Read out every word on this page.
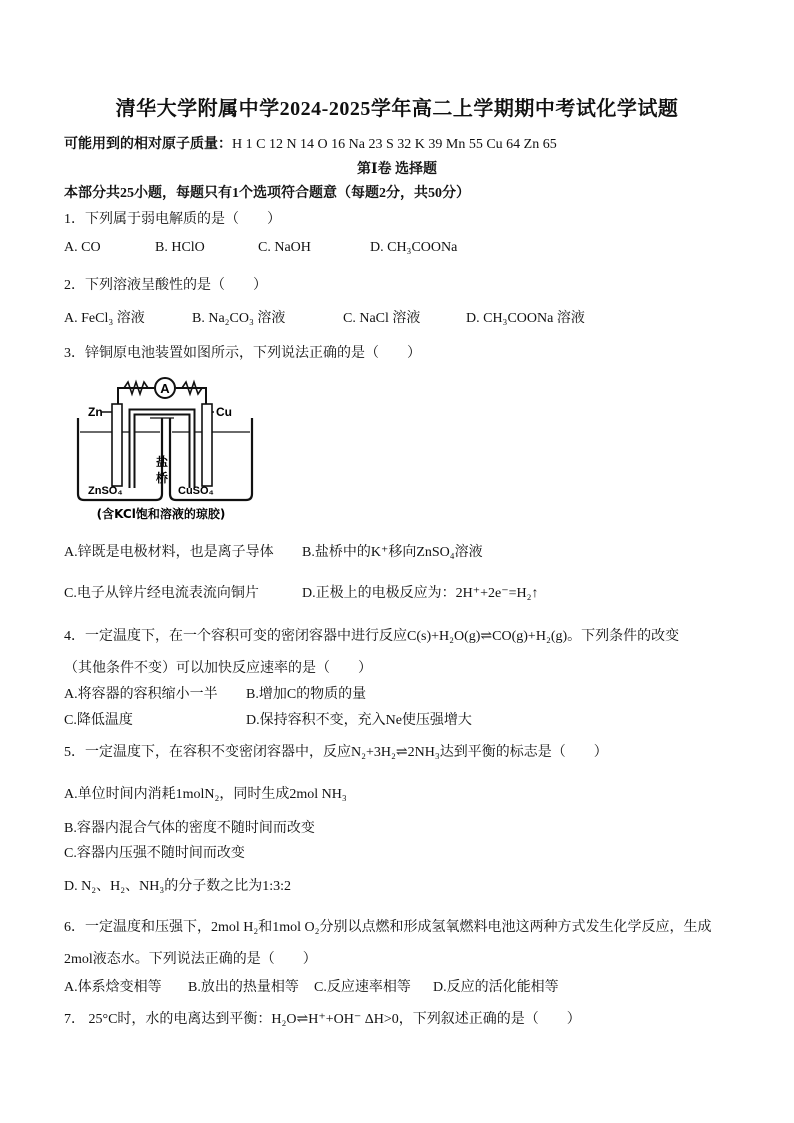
清华大学附属中学2024-2025学年高二上学期期中考试化学试题
可能用到的相对原子质量：H 1 C 12 N 14 O 16 Na 23 S 32 K 39 Mn 55 Cu 64 Zn 65
第Ⅰ卷 选择题
本部分共25小题，每题只有1个选项符合题意（每题2分，共50分）
1．下列属于弱电解质的是（　　）
A. CO	B. HClO	C. NaOH	D. CH₃COONa
2．下列溶液呈酸性的是（　　）
A. FeCl₃ 溶液	B. Na₂CO₃ 溶液	C. NaCl 溶液	D. CH₃COONa 溶液
3．锌铜原电池装置如图所示，下列说法正确的是（　　）
A
Zn	Cu
ZnSO₄	CuSO₄
盐
桥
(含KCl饱和溶液的琼胶)
A.锌既是电极材料，也是离子导体 B.盐桥中的K⁺移向ZnSO₄溶液
C.电子从锌片经电流表流向铜片	D.正极上的电极反应为：2H⁺+2e⁻=H₂↑
4．一定温度下，在一个容积可变的密闭容器中进行反应C(s)+H₂O(g)⇌CO(g)+H₂(g)。下列条件的改变
（其他条件不变）可以加快反应速率的是（　　）
A.将容器的容积缩小一半 B.增加C的物质的量
C.降低温度	D.保持容积不变，充入Ne使压强增大
5．一定温度下，在容积不变密闭容器中，反应N₂+3H₂⇌2NH₃达到平衡的标志是（　　）
A.单位时间内消耗1molN₂，同时生成2mol NH₃
B.容器内混合气体的密度不随时间而改变
C.容器内压强不随时间而改变
D. N₂、H₂、NH₃的分子数之比为1:3:2
6．一定温度和压强下，2mol H₂和1mol O₂分别以点燃和形成氢氧燃料电池这两种方式发生化学反应，生成
2mol液态水。下列说法正确的是（　　）
A.体系焓变相等 B.放出的热量相等 C.反应速率相等 D.反应的活化能相等
7． 25°C时，水的电离达到平衡：H₂O⇌H⁺+OH⁻ ΔH>0，下列叙述正确的是（　　）
